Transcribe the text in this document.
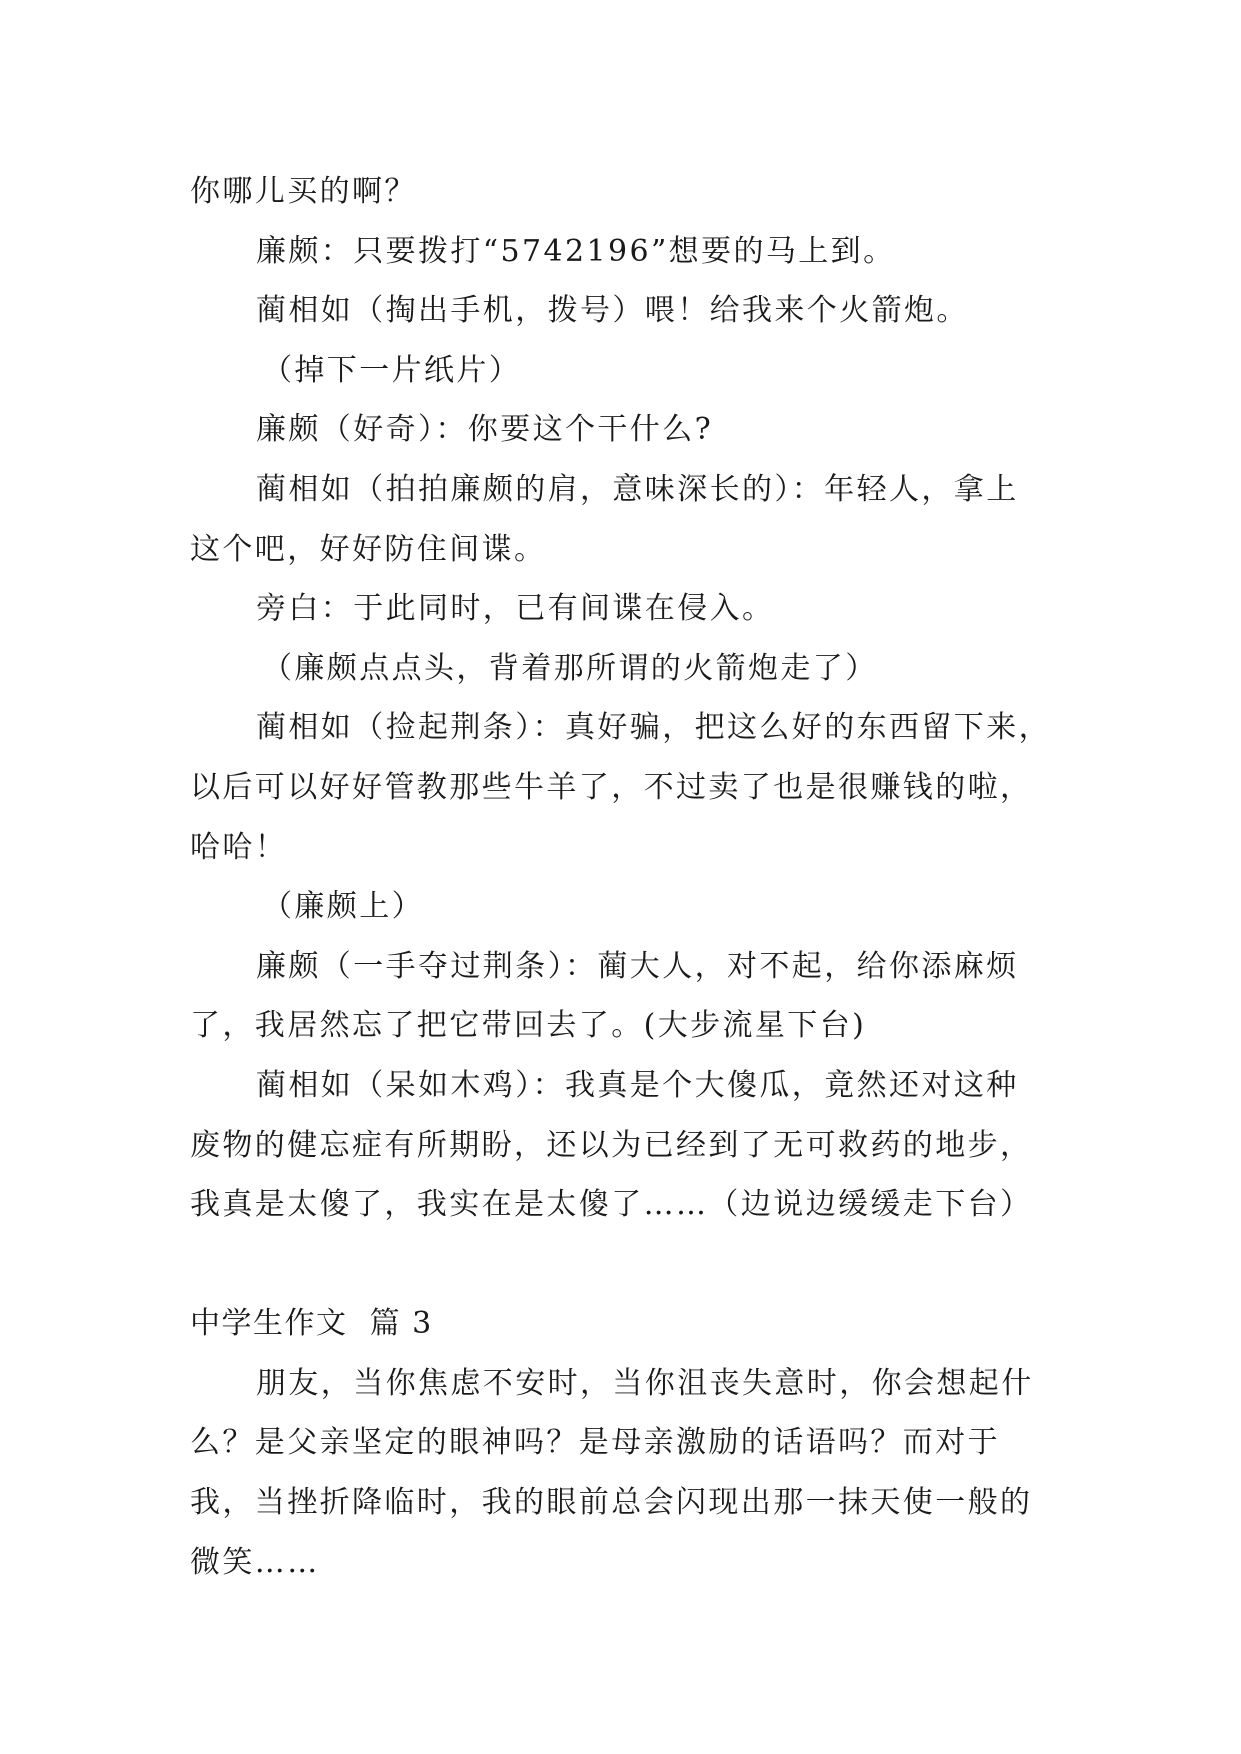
你哪儿买的啊？

廉颇：只要拨打“5742196”想要的马上到。

蔺相如（掏出手机，拨号）喂！给我来个火箭炮。

（掉下一片纸片）

廉颇（好奇）：你要这个干什么?

蔺相如（拍拍廉颇的肩，意味深长的）：年轻人，拿上

这个吧，好好防住间谍。

旁白：于此同时，已有间谍在侵入。

（廉颇点点头，背着那所谓的火箭炮走了）

蔺相如（捡起荆条）：真好骗，把这么好的东西留下来，

以后可以好好管教那些牛羊了，不过卖了也是很赚钱的啦，

哈哈！

（廉颇上）

廉颇（一手夺过荆条）：蔺大人，对不起，给你添麻烦

了，我居然忘了把它带回去了。(大步流星下台)

蔺相如（呆如木鸡）：我真是个大傻瓜，竟然还对这种

废物的健忘症有所期盼，还以为已经到了无可救药的地步，

我真是太傻了，我实在是太傻了……（边说边缓缓走下台）

中学生作文  篇 3

朋友，当你焦虑不安时，当你沮丧失意时，你会想起什

么？是父亲坚定的眼神吗？是母亲激励的话语吗？而对于

我，当挫折降临时，我的眼前总会闪现出那一抹天使一般的

微笑……
